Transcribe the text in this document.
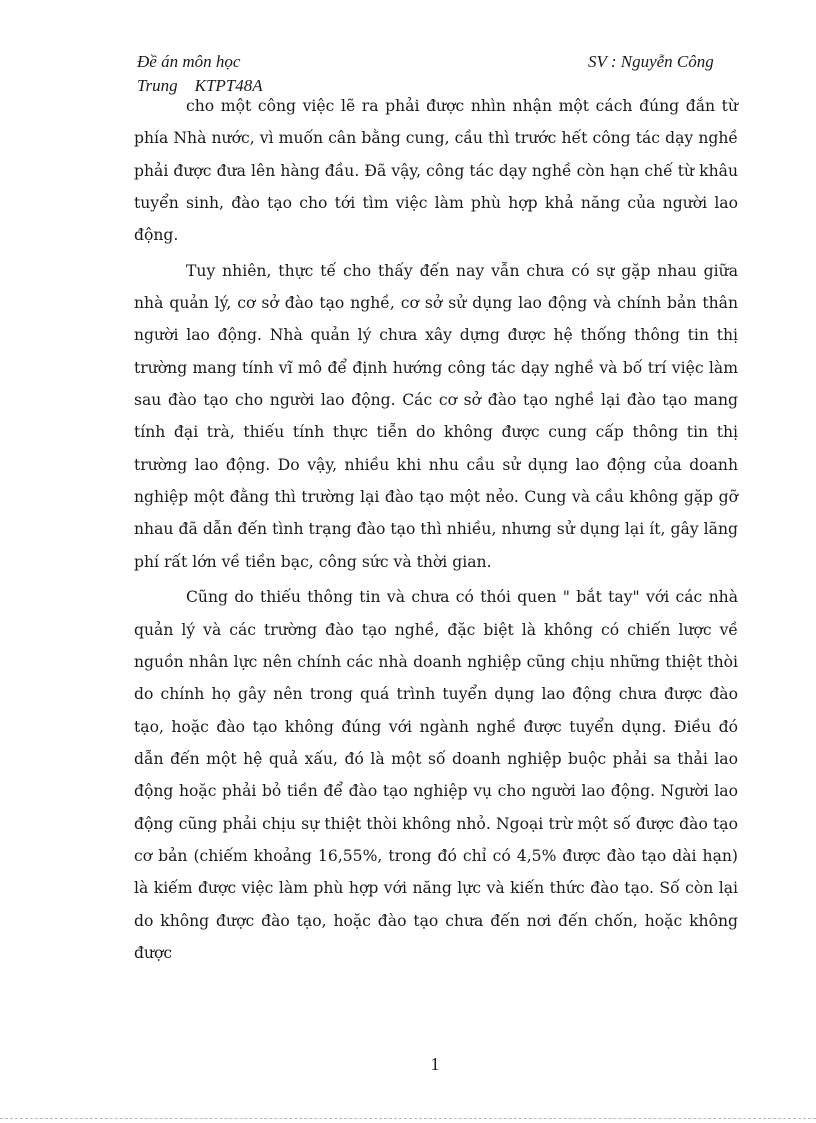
Đề án môn học
Trung    KTPT48A
SV : Nguyễn Công

cho một công việc lẽ ra phải được nhìn nhận một cách đúng đắn từ phía Nhà nước, vì muốn cân bằng cung, cầu thì trước hết công tác dạy nghề phải được đưa lên hàng đầu. Đã vậy, công tác dạy nghề còn hạn chế từ khâu tuyển sinh, đào tạo cho tới tìm việc làm phù hợp khả năng của người lao động.

Tuy nhiên, thực tế cho thấy đến nay vẫn chưa có sự gặp nhau giữa nhà quản lý, cơ sở đào tạo nghề, cơ sở sử dụng lao động và chính bản thân người lao động. Nhà quản lý chưa xây dựng được hệ thống thông tin thị trường mang tính vĩ mô để định hướng công tác dạy nghề và bố trí việc làm sau đào tạo cho người lao động. Các cơ sở đào tạo nghề lại đào tạo mang tính đại trà, thiếu tính thực tiễn do không được cung cấp thông tin thị trường lao động. Do vậy, nhiều khi nhu cầu sử dụng lao động của doanh nghiệp một đằng thì trường lại đào tạo một nẻo. Cung và cầu không gặp gỡ nhau đã dẫn đến tình trạng đào tạo thì nhiều, nhưng sử dụng lại ít, gây lãng phí rất lớn về tiền bạc, công sức và thời gian.

Cũng do thiếu thông tin và chưa có thói quen " bắt tay" với các nhà quản lý và các trường đào tạo nghề, đặc biệt là không có chiến lược về nguồn nhân lực nên chính các nhà doanh nghiệp cũng chịu những thiệt thòi do chính họ gây nên trong quá trình tuyển dụng lao động chưa được đào tạo, hoặc đào tạo không đúng với ngành nghề được tuyển dụng. Điều đó dẫn đến một hệ quả xấu, đó là một số doanh nghiệp buộc phải sa thải lao động hoặc phải bỏ tiền để đào tạo nghiệp vụ cho người lao động. Người lao động cũng phải chịu sự thiệt thòi không nhỏ. Ngoại trừ một số được đào tạo cơ bản (chiếm khoảng 16,55%, trong đó chỉ có 4,5% được đào tạo dài hạn) là kiếm được việc làm phù hợp với năng lực và kiến thức đào tạo. Số còn lại do không được đào tạo, hoặc đào tạo chưa đến nơi đến chốn, hoặc không được

1
